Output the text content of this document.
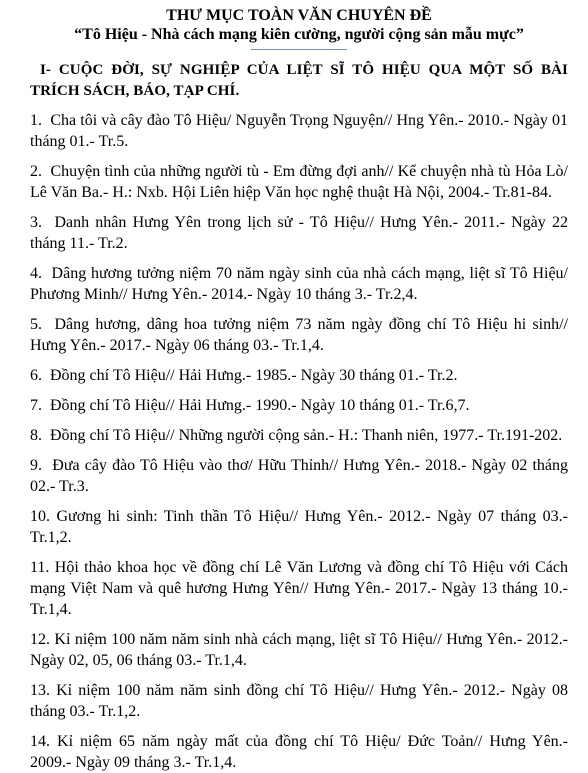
THƯ MỤC TOÀN VĂN CHUYÊN ĐỀ

“Tô Hiệu - Nhà cách mạng kiên cường, người cộng sản mẫu mực”

I- CUỘC ĐỜI, SỰ NGHIỆP CỦA LIỆT SĨ TÔ HIỆU QUA MỘT SỐ BÀI TRÍCH SÁCH, BÁO, TẠP CHÍ.

1. Cha tôi và cây đào Tô Hiệu/ Nguyễn Trọng Nguyện// Hng Yên.- 2010.- Ngày 01 tháng 01.- Tr.5.
2. Chuyện tình của những người tù - Em đừng đợi anh// Kể chuyện nhà tù Hỏa Lò/ Lê Văn Ba.- H.: Nxb. Hội Liên hiệp Văn học nghệ thuật Hà Nội, 2004.- Tr.81-84.
3. Danh nhân Hưng Yên trong lịch sử - Tô Hiệu// Hưng Yên.- 2011.- Ngày 22 tháng 11.- Tr.2.
4. Dâng hương tưởng niệm 70 năm ngày sinh của nhà cách mạng, liệt sĩ Tô Hiệu/ Phương Minh// Hưng Yên.- 2014.- Ngày 10 tháng 3.- Tr.2,4.
5. Dâng hương, dâng hoa tưởng niệm 73 năm ngày đồng chí Tô Hiệu hi sinh// Hưng Yên.- 2017.- Ngày 06 tháng 03.- Tr.1,4.
6. Đồng chí Tô Hiệu// Hải Hưng.- 1985.- Ngày 30 tháng 01.- Tr.2.
7. Đồng chí Tô Hiệu// Hải Hưng.- 1990.- Ngày 10 tháng 01.- Tr.6,7.
8. Đồng chí Tô Hiệu// Những người cộng sản.- H.: Thanh niên, 1977.- Tr.191-202.
9. Đưa cây đào Tô Hiệu vào thơ/ Hữu Thỉnh// Hưng Yên.- 2018.- Ngày 02 tháng 02.- Tr.3.
10. Gương hi sinh: Tinh thần Tô Hiệu// Hưng Yên.- 2012.- Ngày 07 tháng 03.- Tr.1,2.
11. Hội thảo khoa học về đồng chí Lê Văn Lương và đồng chí Tô Hiệu với Cách mạng Việt Nam và quê hương Hưng Yên// Hưng Yên.- 2017.- Ngày 13 tháng 10.- Tr.1,4.
12. Kỉ niệm 100 năm năm sinh nhà cách mạng, liệt sĩ Tô Hiệu// Hưng Yên.- 2012.- Ngày 02, 05, 06 tháng 03.- Tr.1,4.
13. Kỉ niệm 100 năm năm sinh đồng chí Tô Hiệu// Hưng Yên.- 2012.- Ngày 08 tháng 03.- Tr.1,2.
14. Kỉ niệm 65 năm ngày mất của đồng chí Tô Hiệu/ Đức Toản// Hưng Yên.- 2009.- Ngày 09 tháng 3.- Tr.1,4.
